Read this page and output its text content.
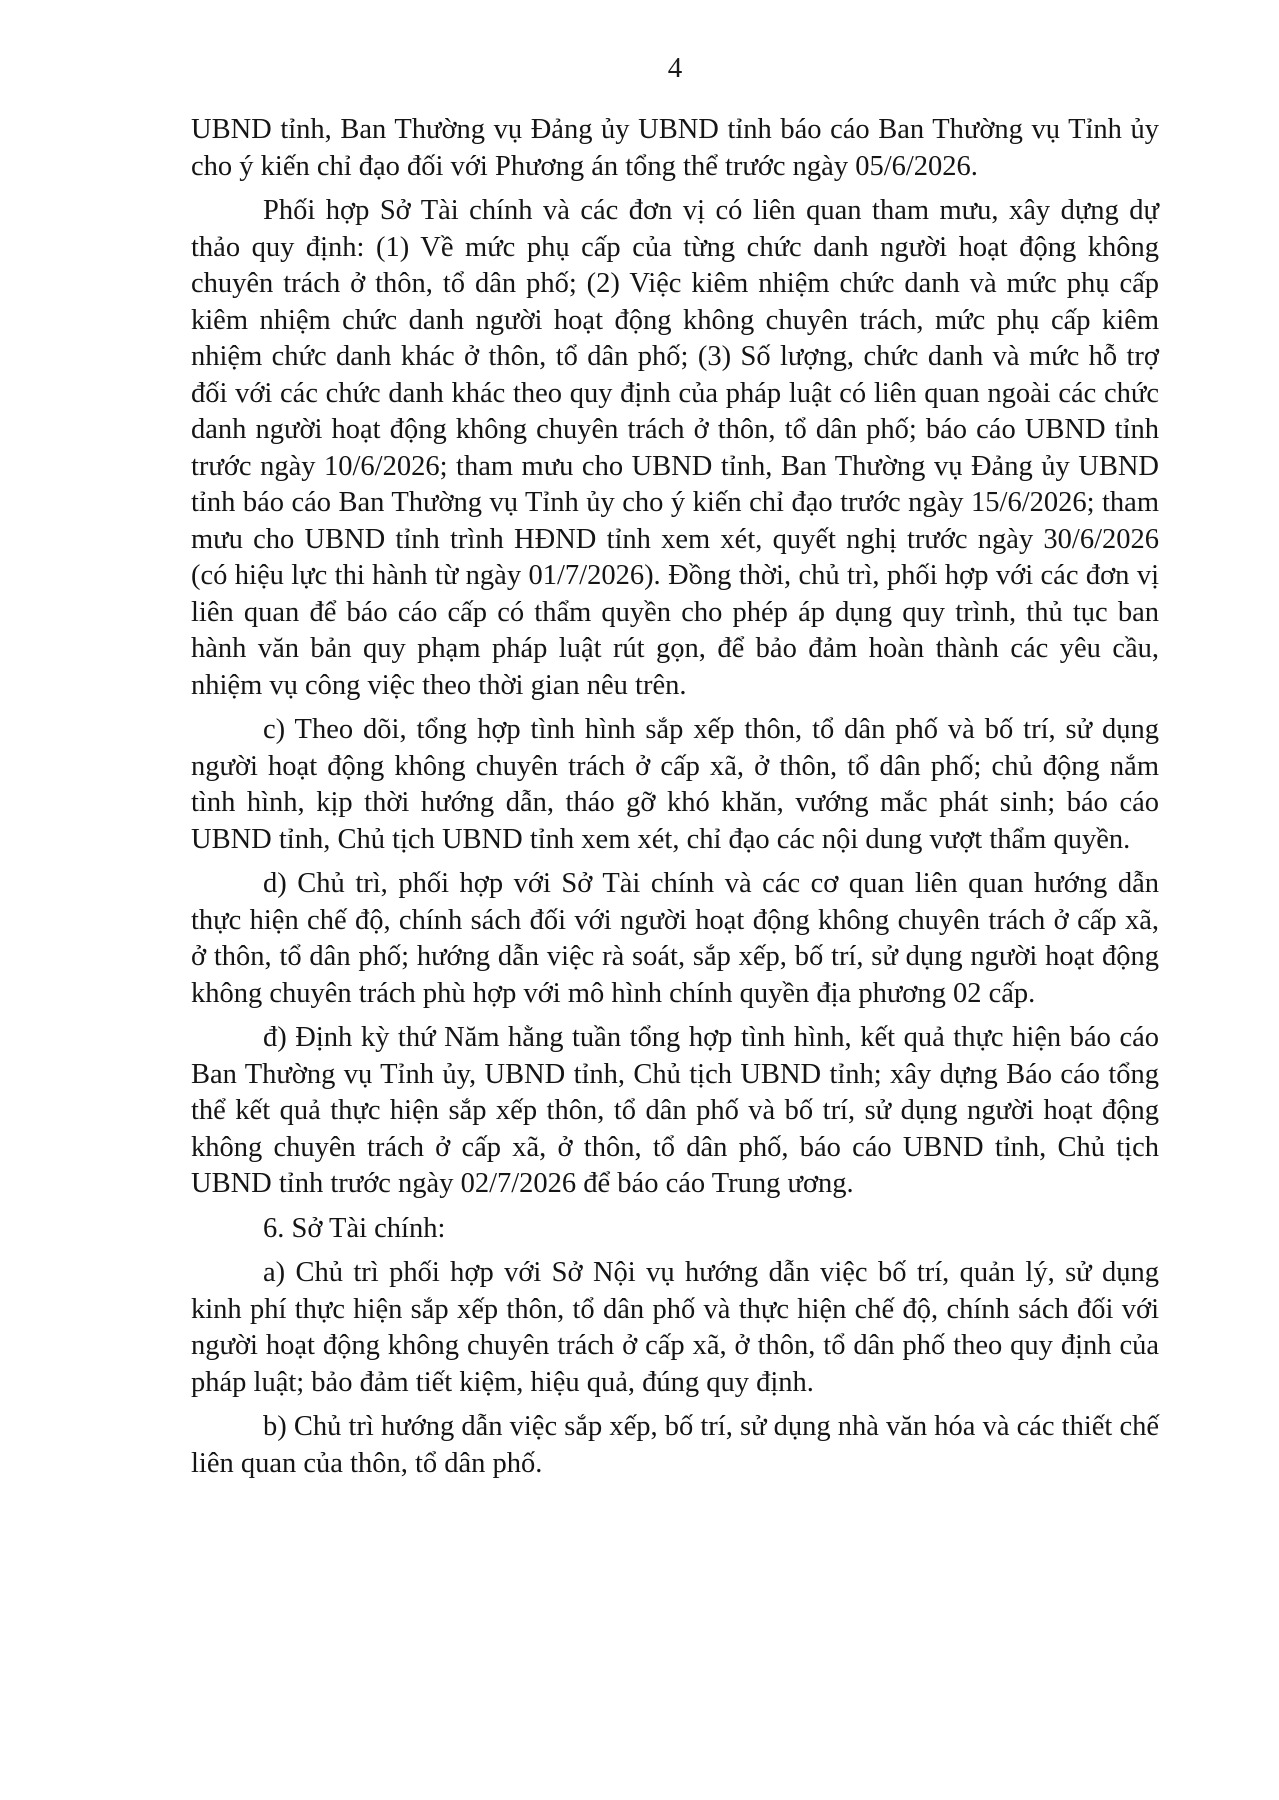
4

UBND tỉnh, Ban Thường vụ Đảng ủy UBND tỉnh báo cáo Ban Thường vụ Tỉnh ủy cho ý kiến chỉ đạo đối với Phương án tổng thể trước ngày 05/6/2026.

Phối hợp Sở Tài chính và các đơn vị có liên quan tham mưu, xây dựng dự thảo quy định: (1) Về mức phụ cấp của từng chức danh người hoạt động không chuyên trách ở thôn, tổ dân phố; (2) Việc kiêm nhiệm chức danh và mức phụ cấp kiêm nhiệm chức danh người hoạt động không chuyên trách, mức phụ cấp kiêm nhiệm chức danh khác ở thôn, tổ dân phố; (3) Số lượng, chức danh và mức hỗ trợ đối với các chức danh khác theo quy định của pháp luật có liên quan ngoài các chức danh người hoạt động không chuyên trách ở thôn, tổ dân phố; báo cáo UBND tỉnh trước ngày 10/6/2026; tham mưu cho UBND tỉnh, Ban Thường vụ Đảng ủy UBND tỉnh báo cáo Ban Thường vụ Tỉnh ủy cho ý kiến chỉ đạo trước ngày 15/6/2026; tham mưu cho UBND tỉnh trình HĐND tỉnh xem xét, quyết nghị trước ngày 30/6/2026 (có hiệu lực thi hành từ ngày 01/7/2026). Đồng thời, chủ trì, phối hợp với các đơn vị liên quan để báo cáo cấp có thẩm quyền cho phép áp dụng quy trình, thủ tục ban hành văn bản quy phạm pháp luật rút gọn, để bảo đảm hoàn thành các yêu cầu, nhiệm vụ công việc theo thời gian nêu trên.

c) Theo dõi, tổng hợp tình hình sắp xếp thôn, tổ dân phố và bố trí, sử dụng người hoạt động không chuyên trách ở cấp xã, ở thôn, tổ dân phố; chủ động nắm tình hình, kịp thời hướng dẫn, tháo gỡ khó khăn, vướng mắc phát sinh; báo cáo UBND tỉnh, Chủ tịch UBND tỉnh xem xét, chỉ đạo các nội dung vượt thẩm quyền.

d) Chủ trì, phối hợp với Sở Tài chính và các cơ quan liên quan hướng dẫn thực hiện chế độ, chính sách đối với người hoạt động không chuyên trách ở cấp xã, ở thôn, tổ dân phố; hướng dẫn việc rà soát, sắp xếp, bố trí, sử dụng người hoạt động không chuyên trách phù hợp với mô hình chính quyền địa phương 02 cấp.

đ) Định kỳ thứ Năm hằng tuần tổng hợp tình hình, kết quả thực hiện báo cáo Ban Thường vụ Tỉnh ủy, UBND tỉnh, Chủ tịch UBND tỉnh; xây dựng Báo cáo tổng thể kết quả thực hiện sắp xếp thôn, tổ dân phố và bố trí, sử dụng người hoạt động không chuyên trách ở cấp xã, ở thôn, tổ dân phố, báo cáo UBND tỉnh, Chủ tịch UBND tỉnh trước ngày 02/7/2026 để báo cáo Trung ương.

6. Sở Tài chính:

a) Chủ trì phối hợp với Sở Nội vụ hướng dẫn việc bố trí, quản lý, sử dụng kinh phí thực hiện sắp xếp thôn, tổ dân phố và thực hiện chế độ, chính sách đối với người hoạt động không chuyên trách ở cấp xã, ở thôn, tổ dân phố theo quy định của pháp luật; bảo đảm tiết kiệm, hiệu quả, đúng quy định.

b) Chủ trì hướng dẫn việc sắp xếp, bố trí, sử dụng nhà văn hóa và các thiết chế liên quan của thôn, tổ dân phố.
